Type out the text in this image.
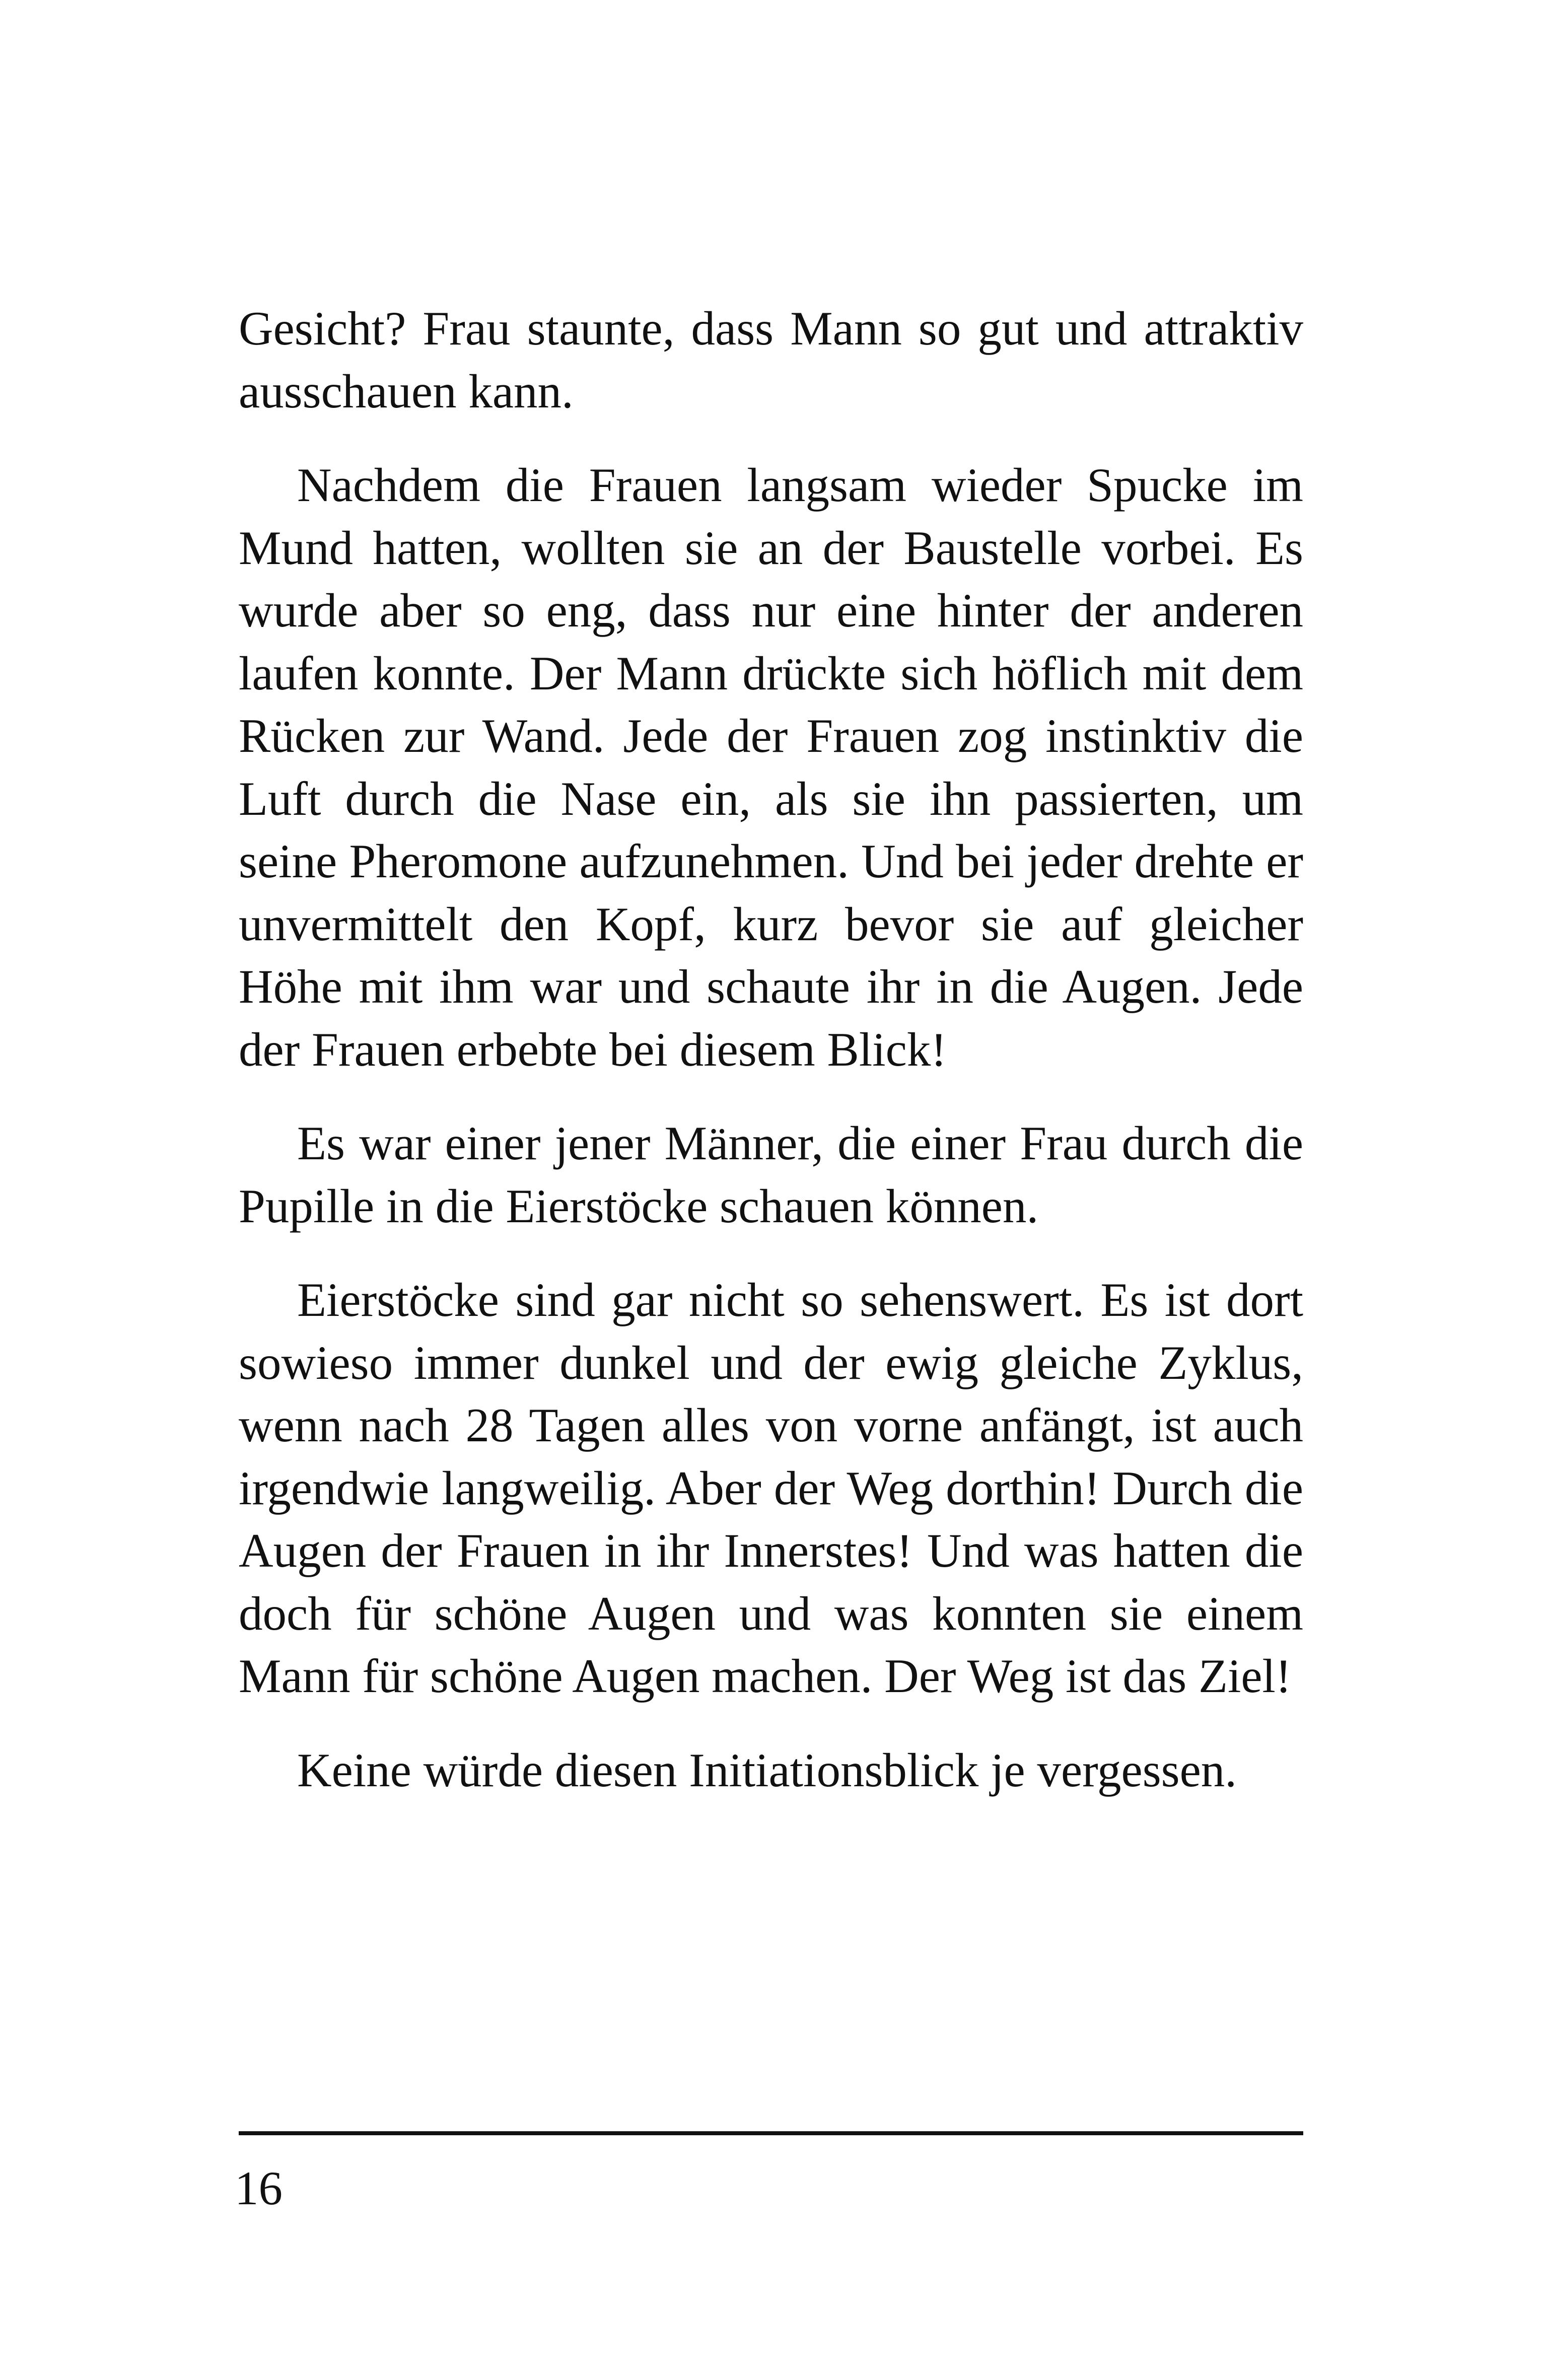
Gesicht? Frau staunte, dass Mann so gut und attraktiv ausschauen kann.

Nachdem die Frauen langsam wieder Spucke im Mund hatten, wollten sie an der Baustelle vorbei. Es wurde aber so eng, dass nur eine hinter der anderen laufen konnte. Der Mann drückte sich höflich mit dem Rücken zur Wand. Jede der Frauen zog instinktiv die Luft durch die Nase ein, als sie ihn passierten, um seine Pheromone aufzunehmen. Und bei jeder drehte er unvermittelt den Kopf, kurz bevor sie auf gleicher Höhe mit ihm war und schaute ihr in die Augen. Jede der Frauen erbebte bei diesem Blick!

Es war einer jener Männer, die einer Frau durch die Pupille in die Eierstöcke schauen können.

Eierstöcke sind gar nicht so sehenswert. Es ist dort sowieso immer dunkel und der ewig gleiche Zyklus, wenn nach 28 Tagen alles von vorne anfängt, ist auch irgendwie langweilig. Aber der Weg dorthin! Durch die Augen der Frauen in ihr Innerstes! Und was hatten die doch für schöne Augen und was konnten sie einem Mann für schöne Augen machen. Der Weg ist das Ziel!

Keine würde diesen Initiationsblick je vergessen.

16
